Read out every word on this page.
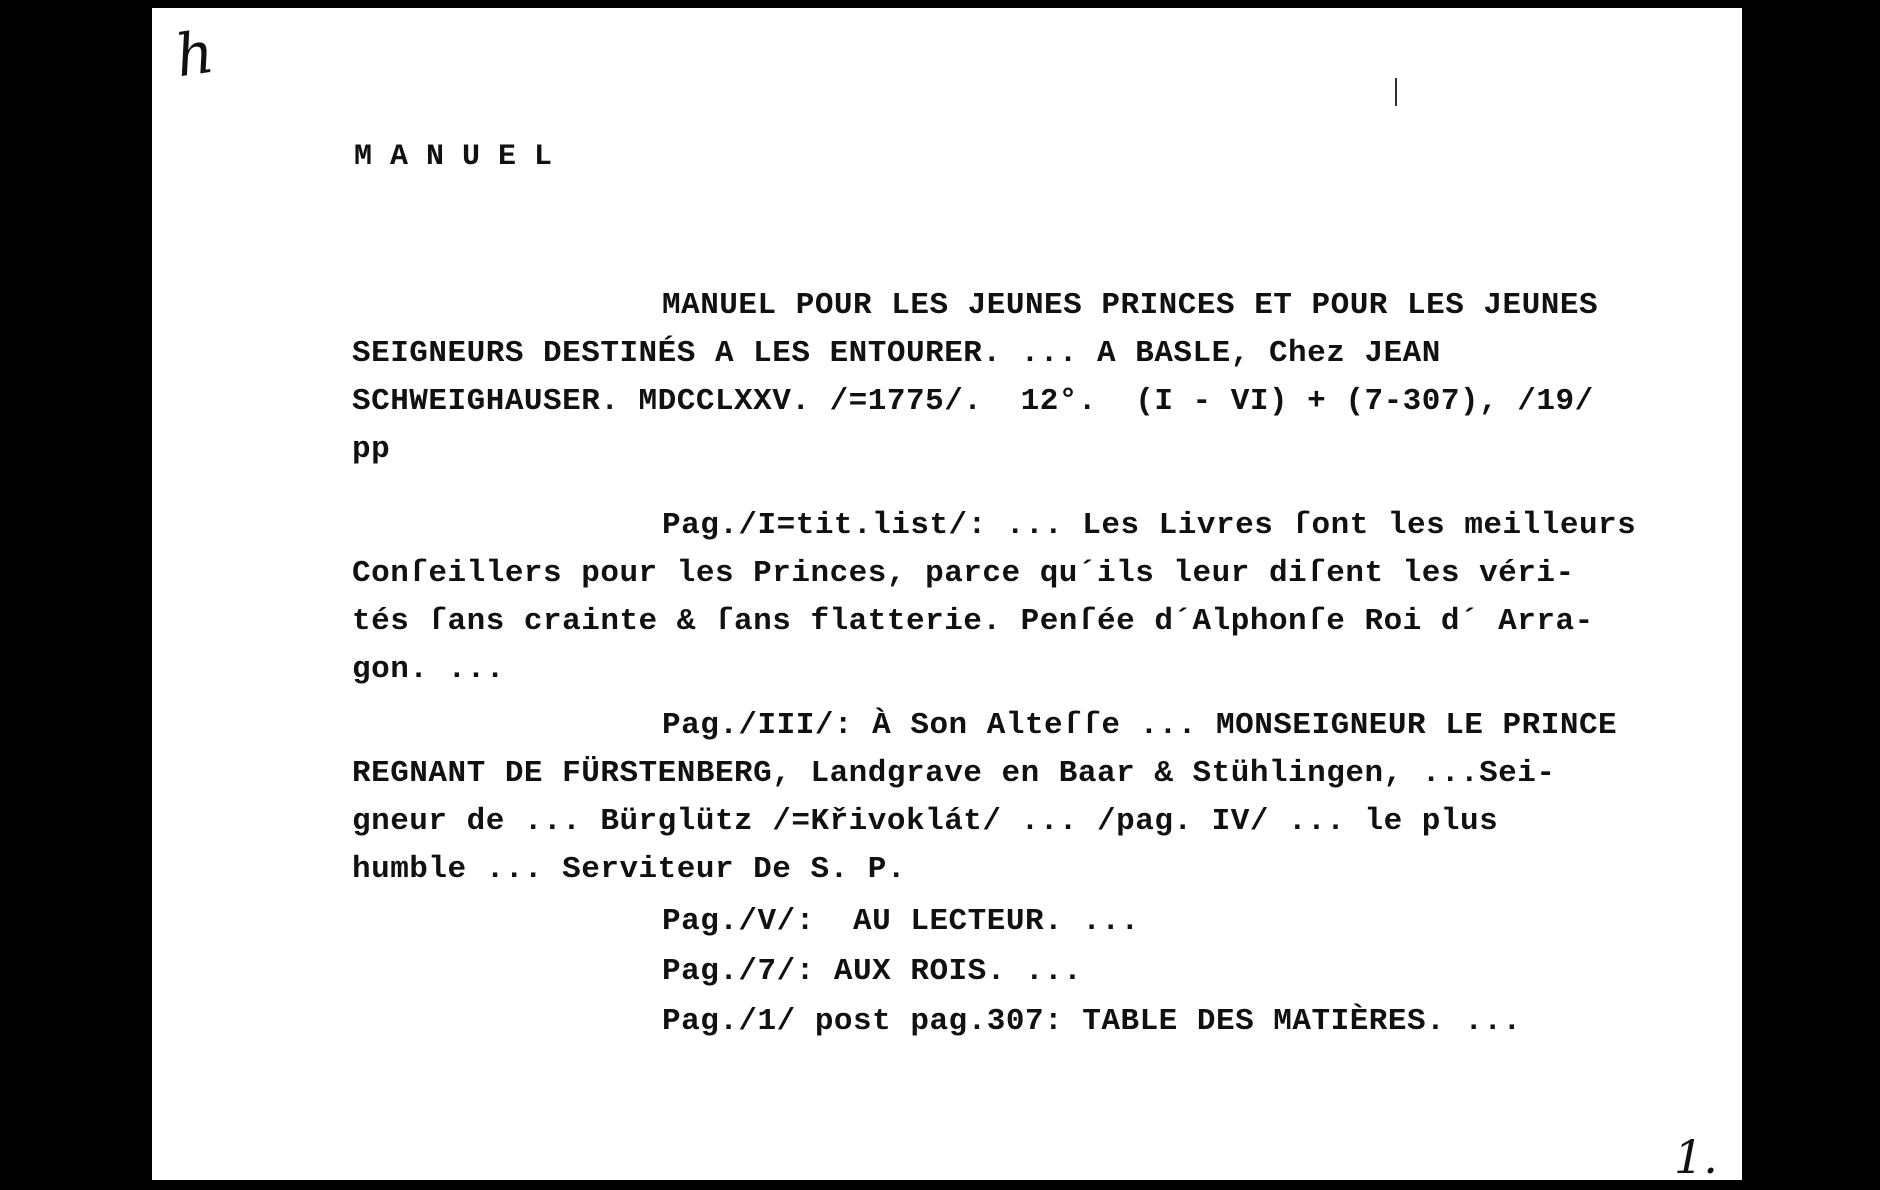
h
1.
MANUEL
MANUEL POUR LES JEUNES PRINCES ET POUR LES JEUNES
SEIGNEURS DESTINÉS A LES ENTOURER. ... A BASLE, Chez JEAN
SCHWEIGHAUSER. MDCCLXXV. /=1775/.  12°.  (I - VI) + (7-307), /19/
pp
Pag./I=tit.list/: ... Les Livres ſont les meilleurs
Conſeillers pour les Princes, parce qu´ils leur diſent les véri-
tés ſans crainte & ſans flatterie. Penſée d´Alphonſe Roi d´ Arra-
gon. ...
Pag./III/: À Son Alteſſe ... MONSEIGNEUR LE PRINCE
REGNANT DE FÜRSTENBERG, Landgrave en Baar & Stühlingen, ...Sei-
gneur de ... Bürglütz /=Křivoklát/ ... /pag. IV/ ... le plus
humble ... Serviteur De S. P.
Pag./V/:  AU LECTEUR. ...
Pag./7/: AUX ROIS. ...
Pag./1/ post pag.307: TABLE DES MATIÈRES. ...
